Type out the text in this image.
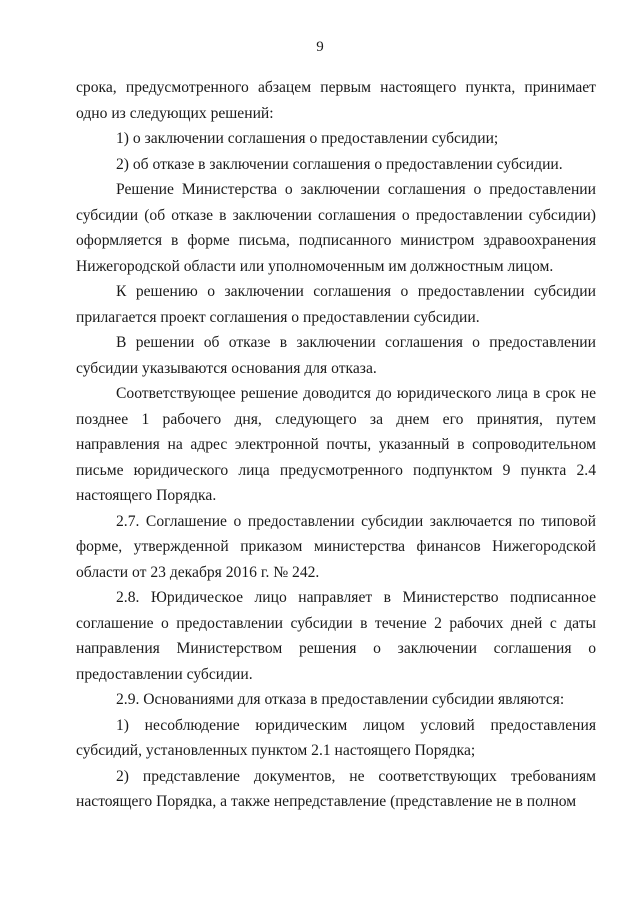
9

срока, предусмотренного абзацем первым настоящего пункта, принимает одно из следующих решений:

1) о заключении соглашения о предоставлении субсидии;

2) об отказе в заключении соглашения о предоставлении субсидии.

Решение Министерства о заключении соглашения о предоставлении субсидии (об отказе в заключении соглашения о предоставлении субсидии) оформляется в форме письма, подписанного министром здравоохранения Нижегородской области или уполномоченным им должностным лицом.

К решению о заключении соглашения о предоставлении субсидии прилагается проект соглашения о предоставлении субсидии.

В решении об отказе в заключении соглашения о предоставлении субсидии указываются основания для отказа.

Соответствующее решение доводится до юридического лица в срок не позднее 1 рабочего дня, следующего за днем его принятия, путем направления на адрес электронной почты, указанный в сопроводительном письме юридического лица предусмотренного подпунктом 9 пункта 2.4 настоящего Порядка.

2.7. Соглашение о предоставлении субсидии заключается по типовой форме, утвержденной приказом министерства финансов Нижегородской области от 23 декабря 2016 г. № 242.

2.8. Юридическое лицо направляет в Министерство подписанное соглашение о предоставлении субсидии в течение 2 рабочих дней с даты направления Министерством решения о заключении соглашения о предоставлении субсидии.

2.9. Основаниями для отказа в предоставлении субсидии являются:

1) несоблюдение юридическим лицом условий предоставления субсидий, установленных пунктом 2.1 настоящего Порядка;

2) представление документов, не соответствующих требованиям настоящего Порядка, а также непредставление (представление не в полном
